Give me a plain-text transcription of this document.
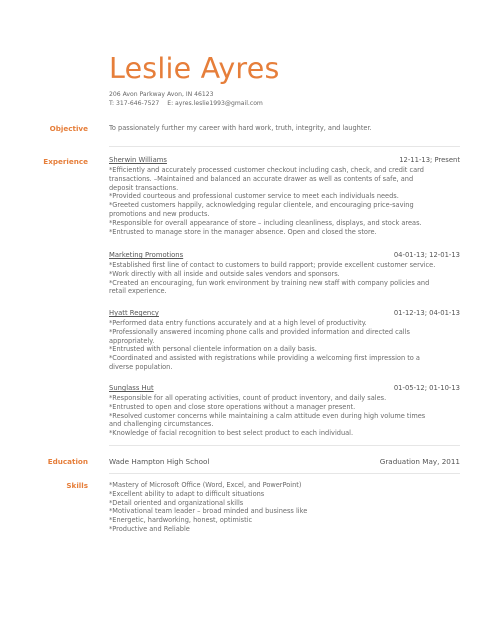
Leslie Ayres
206 Avon Parkway Avon, IN 46123
T: 317-646-7527 E: ayres.leslie1993@gmail.com
Objective	To passionately further my career with hard work, truth, integrity, and laughter.
Experience	Sherwin Williams	12-11-13; Present
*Efficiently and accurately processed customer checkout including cash, check, and credit card
transactions. –Maintained and balanced an accurate drawer as well as contents of safe, and
deposit transactions.
*Provided courteous and professional customer service to meet each individuals needs.
*Greeted customers happily, acknowledging regular clientele, and encouraging price-saving
promotions and new products.
*Responsible for overall appearance of store – including cleanliness, displays, and stock areas.
*Entrusted to manage store in the manager absence. Open and closed the store.
Marketing Promotions	04-01-13; 12-01-13
*Established first line of contact to customers to build rapport; provide excellent customer service.
*Work directly with all inside and outside sales vendors and sponsors.
*Created an encouraging, fun work environment by training new staff with company policies and
retail experience.
Hyatt Regency	01-12-13; 04-01-13
*Performed data entry functions accurately and at a high level of productivity.
*Professionally answered incoming phone calls and provided information and directed calls
appropriately.
*Entrusted with personal clientele information on a daily basis.
*Coordinated and assisted with registrations while providing a welcoming first impression to a
diverse population.
Sunglass Hut	01-05-12; 01-10-13
*Responsible for all operating activities, count of product inventory, and daily sales.
*Entrusted to open and close store operations without a manager present.
*Resolved customer concerns while maintaining a calm attitude even during high volume times
and challenging circumstances.
*Knowledge of facial recognition to best select product to each individual.
Education	Wade Hampton High School	Graduation May, 2011
Skills	*Mastery of Microsoft Office (Word, Excel, and PowerPoint)
*Excellent ability to adapt to difficult situations
*Detail oriented and organizational skills
*Motivational team leader – broad minded and business like
*Energetic, hardworking, honest, optimistic
*Productive and Reliable
